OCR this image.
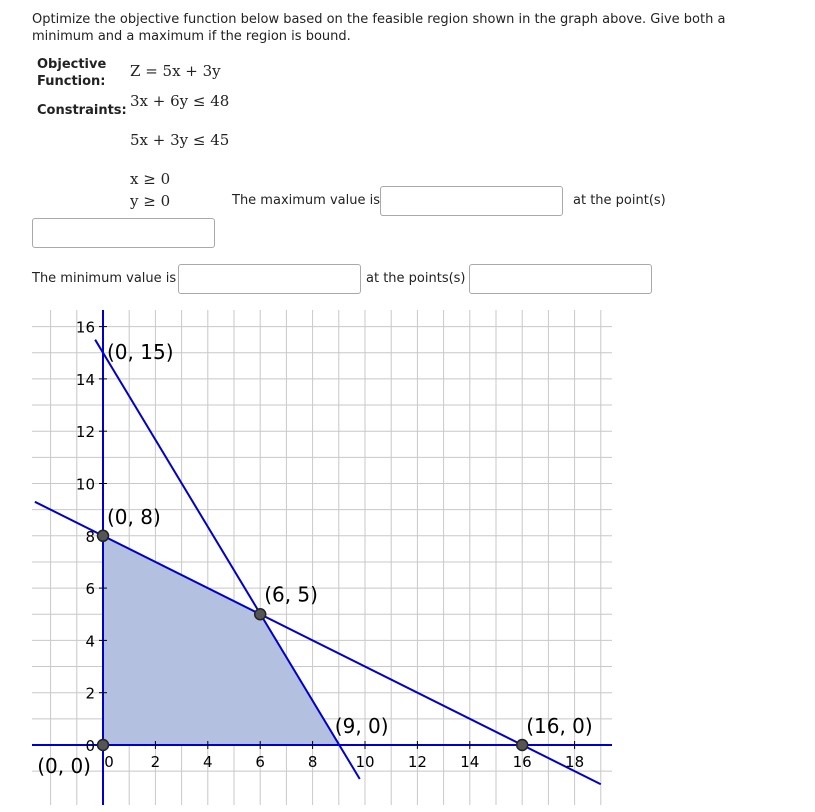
Optimize the objective function below based on the feasible region shown in the graph above. Give both a minimum and a maximum if the region is bound.
Objective
Function:
Z = 5x + 3y
Constraints:
3x + 6y ≤ 48
5x + 3y ≤ 45
x ≥ 0
y ≥ 0	The maximum value is	at the point(s)
The minimum value is	at the points(s)
2	4	6	8	10 12 14 16 18
2
4
6
8
10
12
14
16
0
0
(0, 15)
(0, 8)
(6, 5)
(9, 0)	(16, 0)
(0, 0)
